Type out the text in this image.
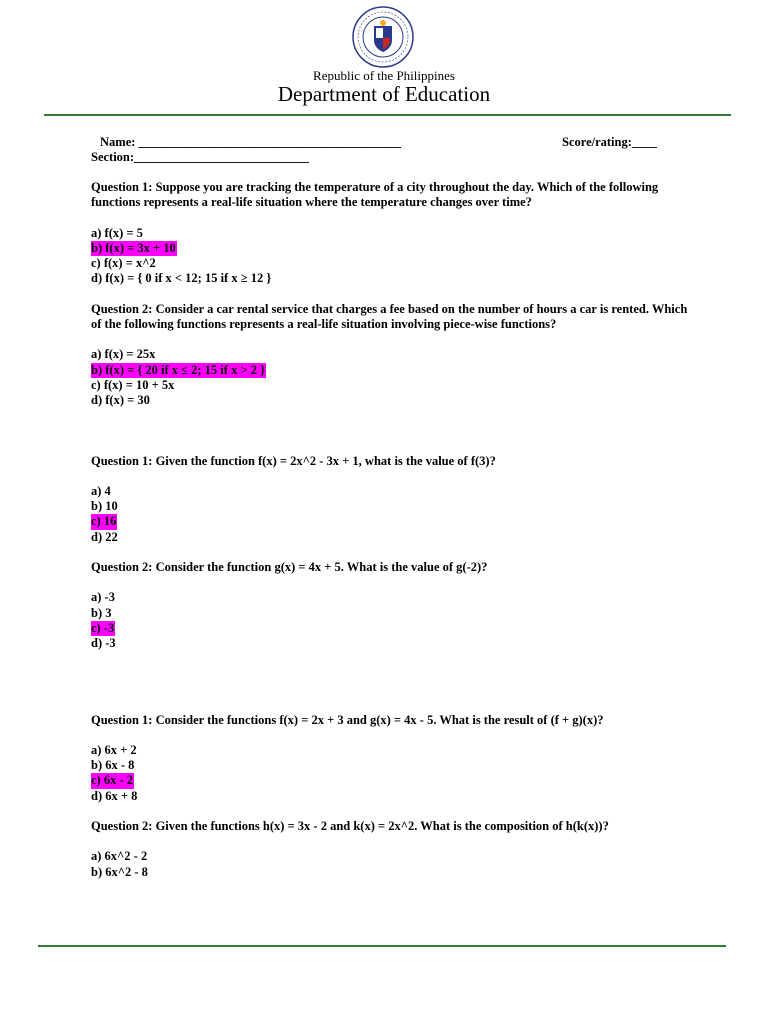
Republic of the Philippines
Department of Education
Name: __________________________________________	Score/rating:____
Section:____________________________

Question 1: Suppose you are tracking the temperature of a city throughout the day. Which of the following functions represents a real-life situation where the temperature changes over time?

a) f(x) = 5
b) f(x) = 3x + 10
c) f(x) = x^2
d) f(x) = { 0 if x < 12; 15 if x ≥ 12 }

Question 2: Consider a car rental service that charges a fee based on the number of hours a car is rented. Which of the following functions represents a real-life situation involving piece-wise functions?

a) f(x) = 25x
b) f(x) = { 20 if x ≤ 2; 15 if x > 2 }
c) f(x) = 10 + 5x
d) f(x) = 30

Question 1: Given the function f(x) = 2x^2 - 3x + 1, what is the value of f(3)?

a) 4
b) 10
c) 16
d) 22

Question 2: Consider the function g(x) = 4x + 5. What is the value of g(-2)?

a) -3
b) 3
c) -3
d) -3

Question 1: Consider the functions f(x) = 2x + 3 and g(x) = 4x - 5. What is the result of (f + g)(x)?

a) 6x + 2
b) 6x - 8
c) 6x - 2
d) 6x + 8

Question 2: Given the functions h(x) = 3x - 2 and k(x) = 2x^2. What is the composition of h(k(x))?

a) 6x^2 - 2
b) 6x^2 - 8
